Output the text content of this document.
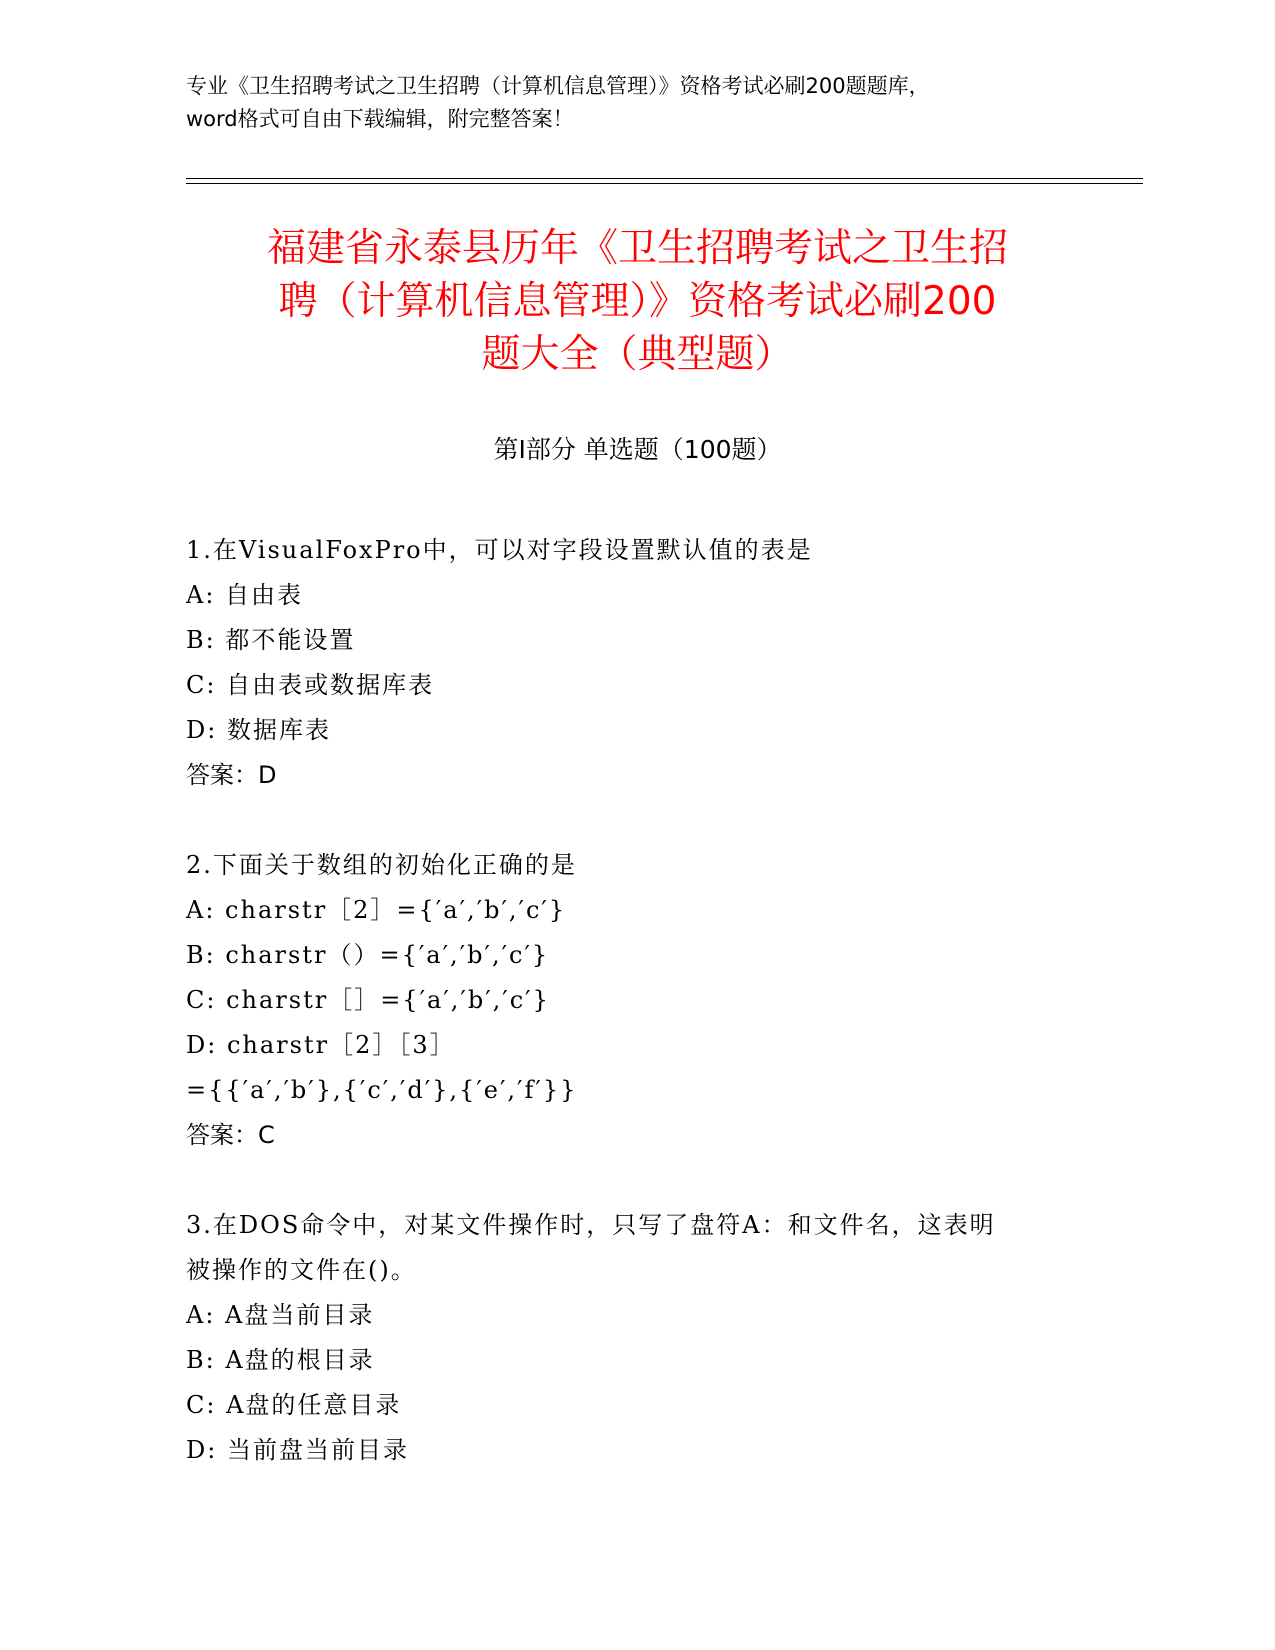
专业《卫生招聘考试之卫生招聘（计算机信息管理）》资格考试必刷200题题库，
word格式可自由下载编辑，附完整答案！
福建省永泰县历年《卫生招聘考试之卫生招
聘（计算机信息管理）》资格考试必刷200
题大全（典型题）
第Ⅰ部分 单选题（100题）
1.在VisualFoxPro中，可以对字段设置默认值的表是
A: 自由表
B: 都不能设置
C: 自由表或数据库表
D: 数据库表
答案：D
2.下面关于数组的初始化正确的是
A: charstr［2］={′a′,′b′,′c′}
B: charstr（）={′a′,′b′,′c′}
C: charstr［］={′a′,′b′,′c′}
D: charstr［2］［3］
={{′a′,′b′},{′c′,′d′},{′e′,′f′}}
答案：C
3.在DOS命令中，对某文件操作时，只写了盘符A：和文件名，这表明
被操作的文件在()。
A: A盘当前目录
B: A盘的根目录
C: A盘的任意目录
D: 当前盘当前目录
